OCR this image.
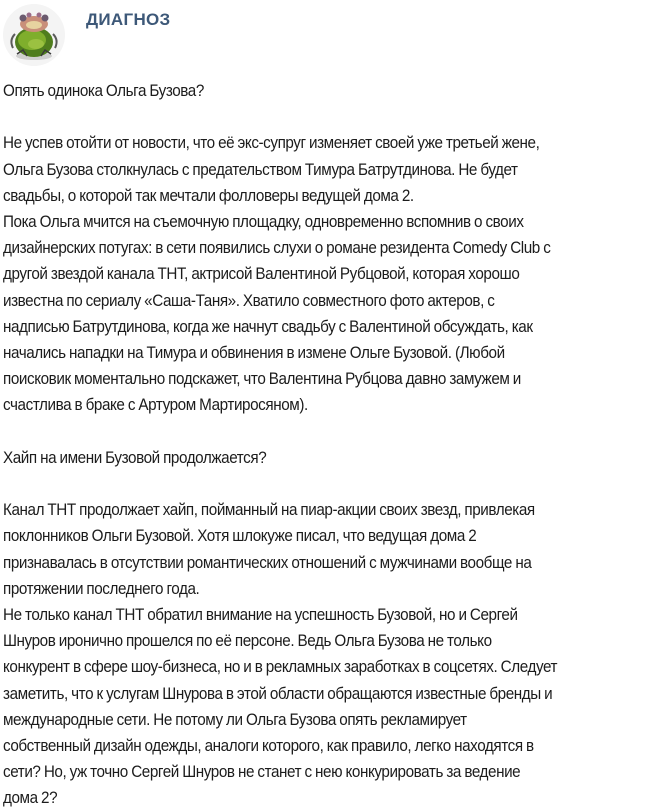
ДИАГНОЗ

Опять одинока Ольга Бузова?

Не успев отойти от новости, что её экс-супруг изменяет своей уже третьей жене,

Ольга Бузова столкнулась с предательством Тимура Батрутдинова. Не будет

свадьбы, о которой так мечтали фолловеры ведущей дома 2.

Пока Ольга мчится на съемочную площадку, одновременно вспомнив о своих

дизайнерских потугах: в сети появились слухи о романе резидента Comedy Club с

другой звездой канала ТНТ, актрисой Валентиной Рубцовой, которая хорошо

известна по сериалу «Саша-Таня». Хватило совместного фото актеров, с

надписью Батрутдинова, когда же начнут свадьбу с Валентиной обсуждать, как

начались нападки на Тимура и обвинения в измене Ольге Бузовой. (Любой

поисковик моментально подскажет, что Валентина Рубцова давно замужем и

счастлива в браке с Артуром Мартиросяном).

Хайп на имени Бузовой продолжается?

Канал ТНТ продолжает хайп, пойманный на пиар-акции своих звезд, привлекая

поклонников Ольги Бузовой. Хотя шлокуже писал, что ведущая дома 2

признавалась в отсутствии романтических отношений с мужчинами вообще на

протяжении последнего года.

Не только канал ТНТ обратил внимание на успешность Бузовой, но и Сергей

Шнуров иронично прошелся по её персоне. Ведь Ольга Бузова не только

конкурент в сфере шоу-бизнеса, но и в рекламных заработках в соцсетях. Следует

заметить, что к услугам Шнурова в этой области обращаются известные бренды и

международные сети. Не потому ли Ольга Бузова опять рекламирует

собственный дизайн одежды, аналоги которого, как правило, легко находятся в

сети? Но, уж точно Сергей Шнуров не станет с нею конкурировать за ведение

дома 2?
